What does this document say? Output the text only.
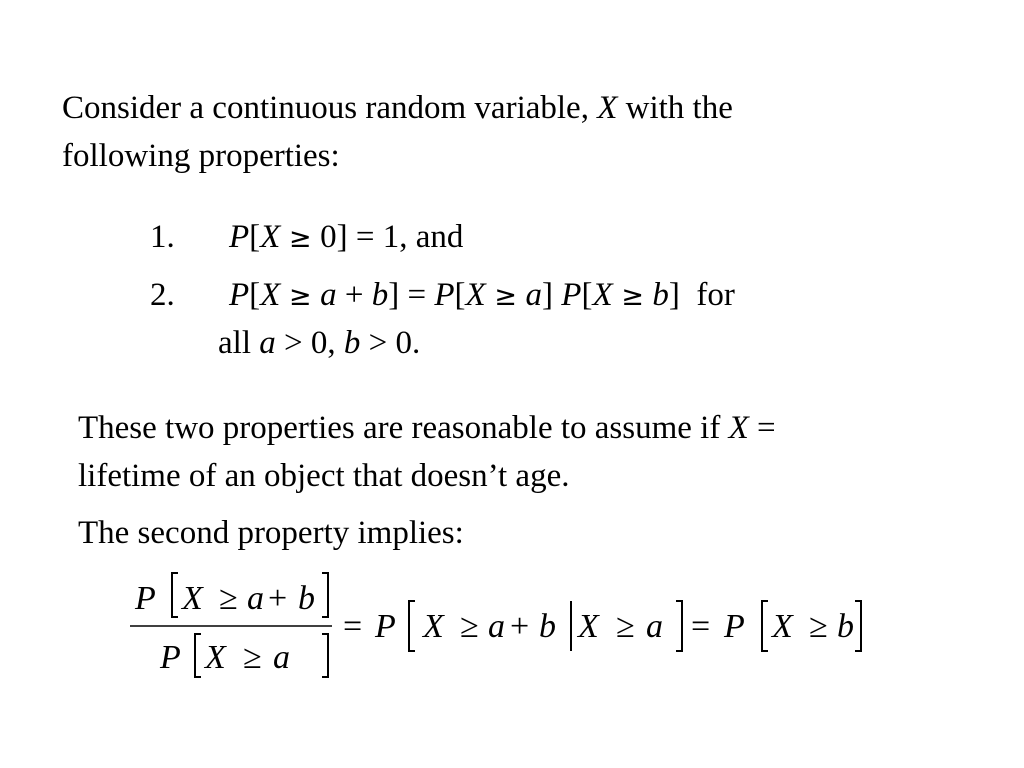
Consider a continuous random variable, X with the
following properties:
1. P[X ≥ 0] = 1, and
2. P[X ≥ a + b] = P[X ≥ a] P[X ≥ b]  for
all a > 0, b > 0.
These two properties are reasonable to assume if X =
lifetime of an object that doesn’t age.
The second property implies:
P X ≥ a + b
P X ≥ a
= P X ≥ a + b X ≥ a = P X ≥ b
